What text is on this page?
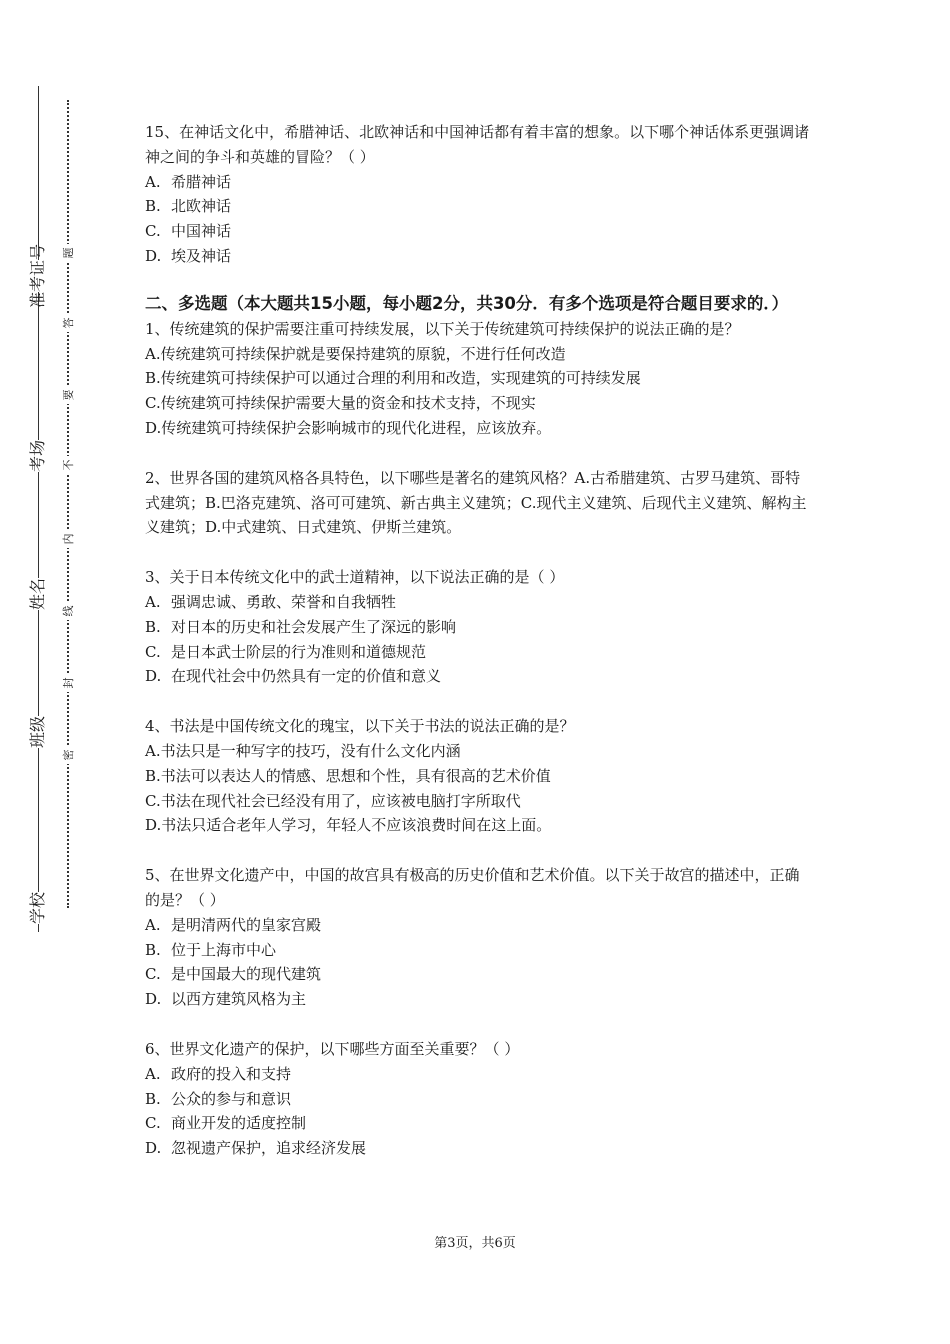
准考证号
考场
姓名
班级
学校
题
答
要
不
内
线
封
密

15、在神话文化中，希腊神话、北欧神话和中国神话都有着丰富的想象。以下哪个神话体系更强调诸神之间的争斗和英雄的冒险？（ ）

A. 希腊神话

B. 北欧神话

C. 中国神话

D. 埃及神话

二、多选题（本大题共15小题，每小题2分，共30分．有多个选项是符合题目要求的．）

1、传统建筑的保护需要注重可持续发展，以下关于传统建筑可持续保护的说法正确的是？

A.传统建筑可持续保护就是要保持建筑的原貌，不进行任何改造

B.传统建筑可持续保护可以通过合理的利用和改造，实现建筑的可持续发展

C.传统建筑可持续保护需要大量的资金和技术支持，不现实

D.传统建筑可持续保护会影响城市的现代化进程，应该放弃。

2、世界各国的建筑风格各具特色，以下哪些是著名的建筑风格？A.古希腊建筑、古罗马建筑、哥特式建筑；B.巴洛克建筑、洛可可建筑、新古典主义建筑；C.现代主义建筑、后现代主义建筑、解构主义建筑；D.中式建筑、日式建筑、伊斯兰建筑。

3、关于日本传统文化中的武士道精神，以下说法正确的是（ ）

A. 强调忠诚、勇敢、荣誉和自我牺牲

B. 对日本的历史和社会发展产生了深远的影响

C. 是日本武士阶层的行为准则和道德规范

D. 在现代社会中仍然具有一定的价值和意义

4、书法是中国传统文化的瑰宝，以下关于书法的说法正确的是？

A.书法只是一种写字的技巧，没有什么文化内涵

B.书法可以表达人的情感、思想和个性，具有很高的艺术价值

C.书法在现代社会已经没有用了，应该被电脑打字所取代

D.书法只适合老年人学习，年轻人不应该浪费时间在这上面。

5、在世界文化遗产中，中国的故宫具有极高的历史价值和艺术价值。以下关于故宫的描述中，正确的是？（ ）

A. 是明清两代的皇家宫殿

B. 位于上海市中心

C. 是中国最大的现代建筑

D. 以西方建筑风格为主

6、世界文化遗产的保护，以下哪些方面至关重要？（ ）

A. 政府的投入和支持

B. 公众的参与和意识

C. 商业开发的适度控制

D. 忽视遗产保护，追求经济发展

第3页，共6页
